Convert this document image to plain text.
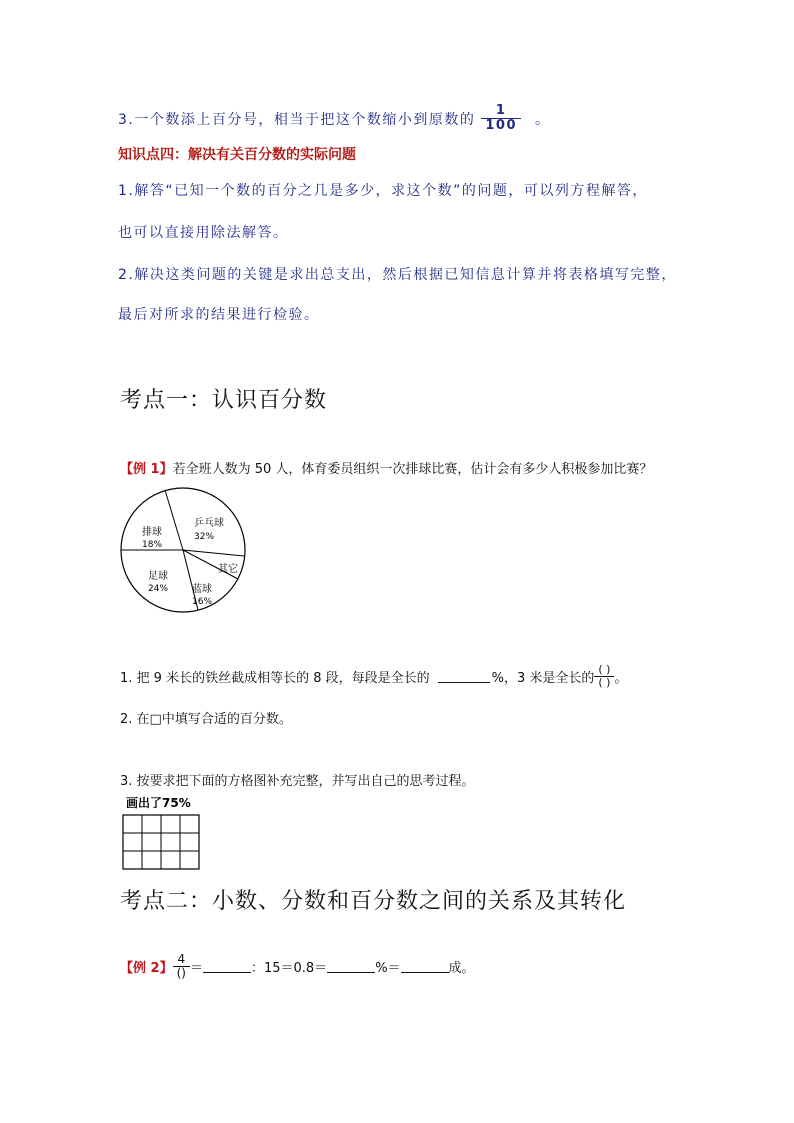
3.一个数添上百分号，相当于把这个数缩小到原数的 $\frac{1}{100}$ 。
知识点四：解决有关百分数的实际问题
1.解答“已知一个数的百分之几是多少，求这个数”的问题，可以列方程解答，
也可以直接用除法解答。
2.解决这类问题的关键是求出总支出，然后根据已知信息计算并将表格填写完整，
最后对所求的结果进行检验。
考点一：认识百分数
【例 1】若全班人数为 50 人，体育委员组织一次排球比赛，估计会有多少人积极参加比赛？
乒乓球
32%
其它
蓝球
16%
足球
24%
排球
18%
1. 把 9 米长的铁丝截成相等长的 8 段，每段是全长的	%，3 米是全长的 $\frac{( )}{( )}$ 。
2. 在□中填写合适的百分数。
3. 按要求把下面的方格图补充完整，并写出自己的思考过程。
画出了75%
考点二：小数、分数和百分数之间的关系及其转化
【例 2】 $\frac{4}{()}$ ＝	：15＝0.8＝	%＝	成。
